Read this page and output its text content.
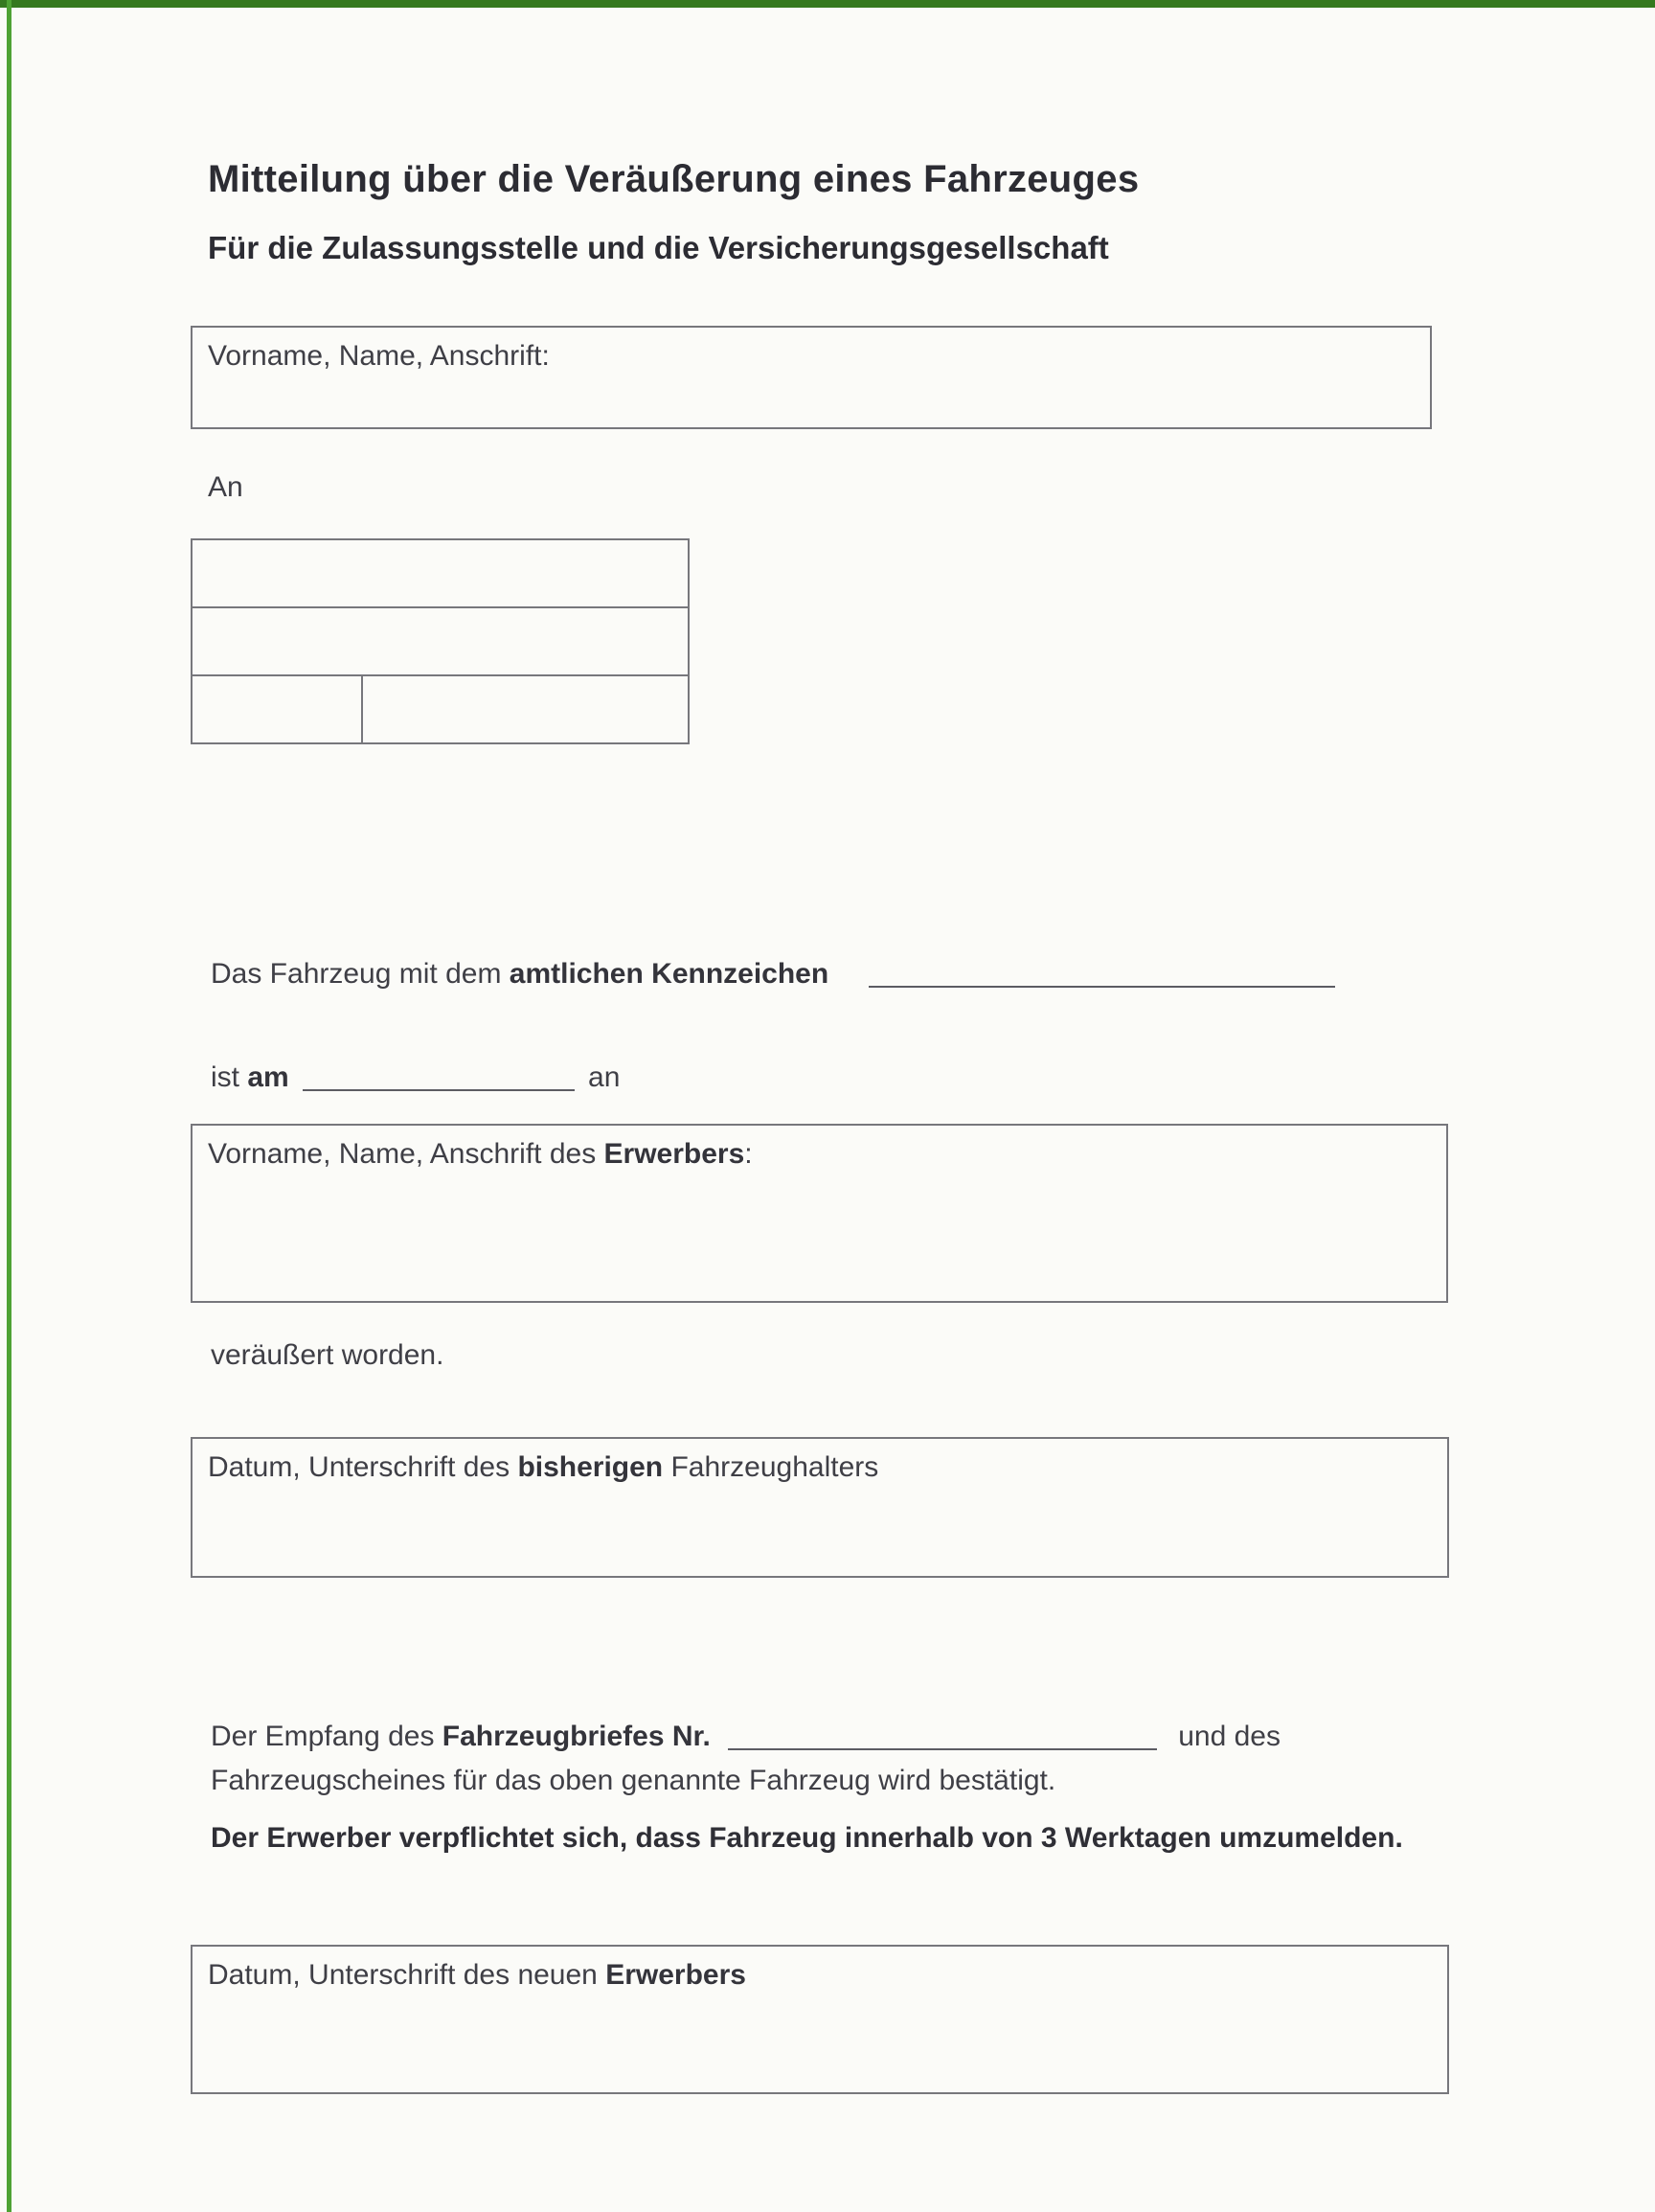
Mitteilung über die Veräußerung eines Fahrzeuges
Für die Zulassungsstelle und die Versicherungsgesellschaft
Vorname, Name, Anschrift:
An
Das Fahrzeug mit dem amtlichen Kennzeichen
ist am	an
Vorname, Name, Anschrift des Erwerbers:
veräußert worden.
Datum, Unterschrift des bisherigen Fahrzeughalters
Der Empfang des Fahrzeugbriefes Nr.	und des
Fahrzeugscheines für das oben genannte Fahrzeug wird bestätigt.
Der Erwerber verpflichtet sich, dass Fahrzeug innerhalb von 3 Werktagen umzumelden.
Datum, Unterschrift des neuen Erwerbers
